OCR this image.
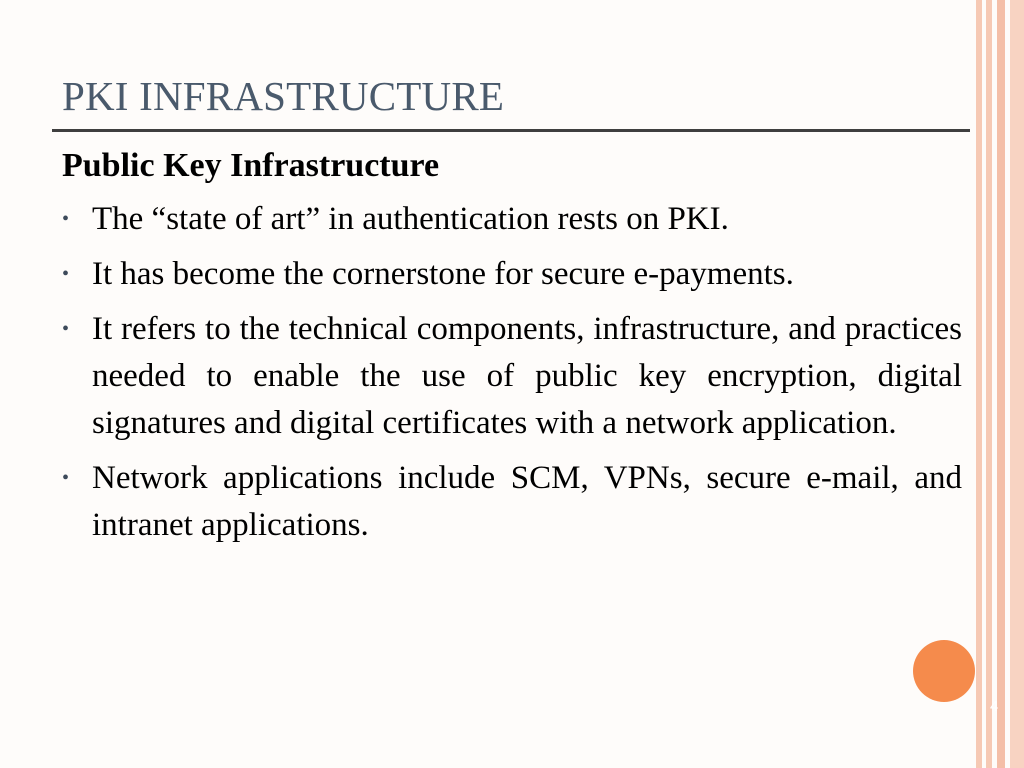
PKI INFRASTRUCTURE

Public Key Infrastructure

• The “state of art” in authentication rests on PKI.
• It has become the cornerstone for secure e-payments.
• It refers to the technical components, infrastructure, and practices needed to enable the use of public key encryption, digital signatures and digital certificates with a network application.
• Network applications include SCM, VPNs, secure e-mail, and intranet applications.
4
